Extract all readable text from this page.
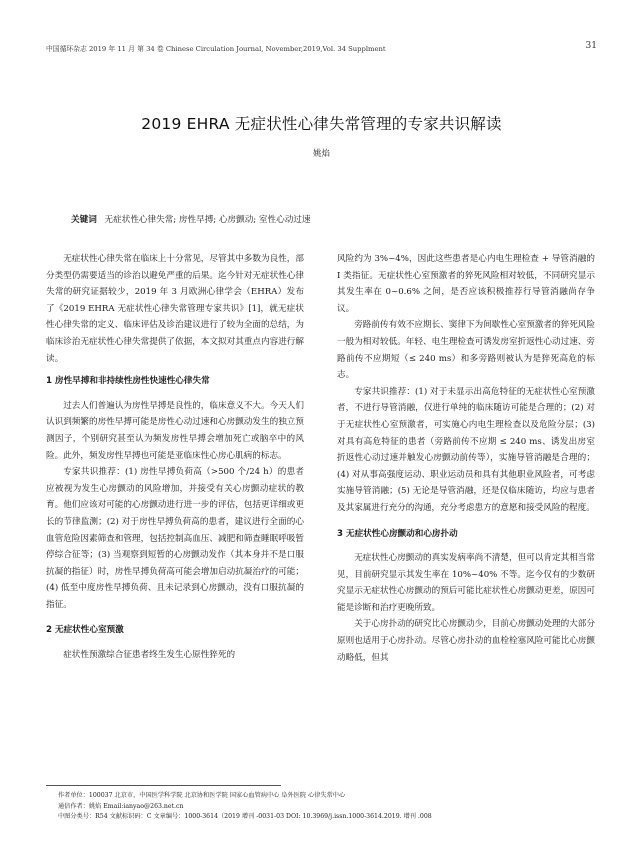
中国循环杂志 2019 年 11 月 第 34 卷 Chinese Circulation Journal, November,2019,Vol. 34 Supplment	31
2019 EHRA 无症状性心律失常管理的专家共识解读
姚焰
关键词 无症状性心律失常; 房性早搏; 心房颤动; 室性心动过速

无症状性心律失常在临床上十分常见，尽管其中多数为良性，部分类型仍需要适当的诊治以避免严重的后果。迄今针对无症状性心律失常的研究证据较少，2019 年 3 月欧洲心律学会（EHRA）发布了《2019 EHRA 无症状性心律失常管理专家共识》[1]，就无症状性心律失常的定义、临床评估及诊治建议进行了较为全面的总结，为临床诊治无症状性心律失常提供了依据，本文拟对其重点内容进行解读。

1 房性早搏和非持续性房性快速性心律失常

过去人们普遍认为房性早搏是良性的，临床意义不大。今天人们认识到频繁的房性早搏可能是房性心动过速和心房颤动发生的独立预测因子，个别研究甚至认为频发房性早搏会增加死亡或脑卒中的风险。此外，频发房性早搏也可能是亚临床性心房心肌病的标志。

专家共识推荐：(1) 房性早搏负荷高（>500 个/24 h）的患者应被视为发生心房颤动的风险增加，并接受有关心房颤动症状的教育。他们应该对可能的心房颤动进行进一步的评估，包括更详细或更长的节律监测；(2) 对于房性早搏负荷高的患者，建议进行全面的心血管危险因素筛查和管理，包括控制高血压、减肥和筛查睡眠呼吸暂停综合征等；(3) 当观察到短暂的心房颤动发作（其本身并不是口服抗凝的指征）时，房性早搏负荷高可能会增加启动抗凝治疗的可能；(4) 低至中度房性早搏负荷、且未记录到心房颤动，没有口服抗凝的指征。

2 无症状性心室预激

症状性预激综合征患者终生发生心原性猝死的

风险约为 3%~4%，因此这些患者是心内电生理检查 + 导管消融的 Ⅰ 类指征。无症状性心室预激者的猝死风险相对较低，不同研究显示其发生率在 0~0.6% 之间，是否应该积极推荐行导管消融尚存争议。

旁路前传有效不应期长、窦律下为间歇性心室预激者的猝死风险一般为相对较低。年轻、电生理检查可诱发房室折返性心动过速、旁路前传不应期短（≤ 240 ms）和多旁路则被认为是猝死高危的标志。

专家共识推荐：(1) 对于未显示出高危特征的无症状性心室预激者，不进行导管消融，仅进行单纯的临床随访可能是合理的；(2) 对于无症状性心室预激者，可实施心内电生理检查以及危险分层；(3) 对具有高危特征的患者（旁路前传不应期 ≤ 240 ms、诱发出房室折返性心动过速并触发心房颤动前传等），实施导管消融是合理的；(4) 对从事高强度运动、职业运动员和具有其他职业风险者，可考虑实施导管消融；(5) 无论是导管消融，还是仅临床随访，均应与患者及其家属进行充分的沟通，充分考虑患方的意愿和接受风险的程度。

3 无症状性心房颤动和心房扑动

无症状性心房颤动的真实发病率尚不清楚，但可以肯定其相当常见，目前研究显示其发生率在 10%~40% 不等。迄今仅有的少数研究显示无症状性心房颤动的预后可能比症状性心房颤动更差，原因可能是诊断和治疗更晚所致。

关于心房扑动的研究比心房颤动少，目前心房颤动处理的大部分原则也适用于心房扑动。尽管心房扑动的血栓栓塞风险可能比心房颤动略低，但其

作者单位：100037 北京市，中国医学科学院 北京协和医学院 国家心血管病中心 阜外医院 心律失常中心
通信作者：姚焰 Email:ianyao@263.net.cn
中图分类号：R54 文献标识码：C 文章编号：1000-3614（2019 增刊 -0031-03 DOI: 10.3969/j.issn.1000-3614.2019. 增刊 .008
